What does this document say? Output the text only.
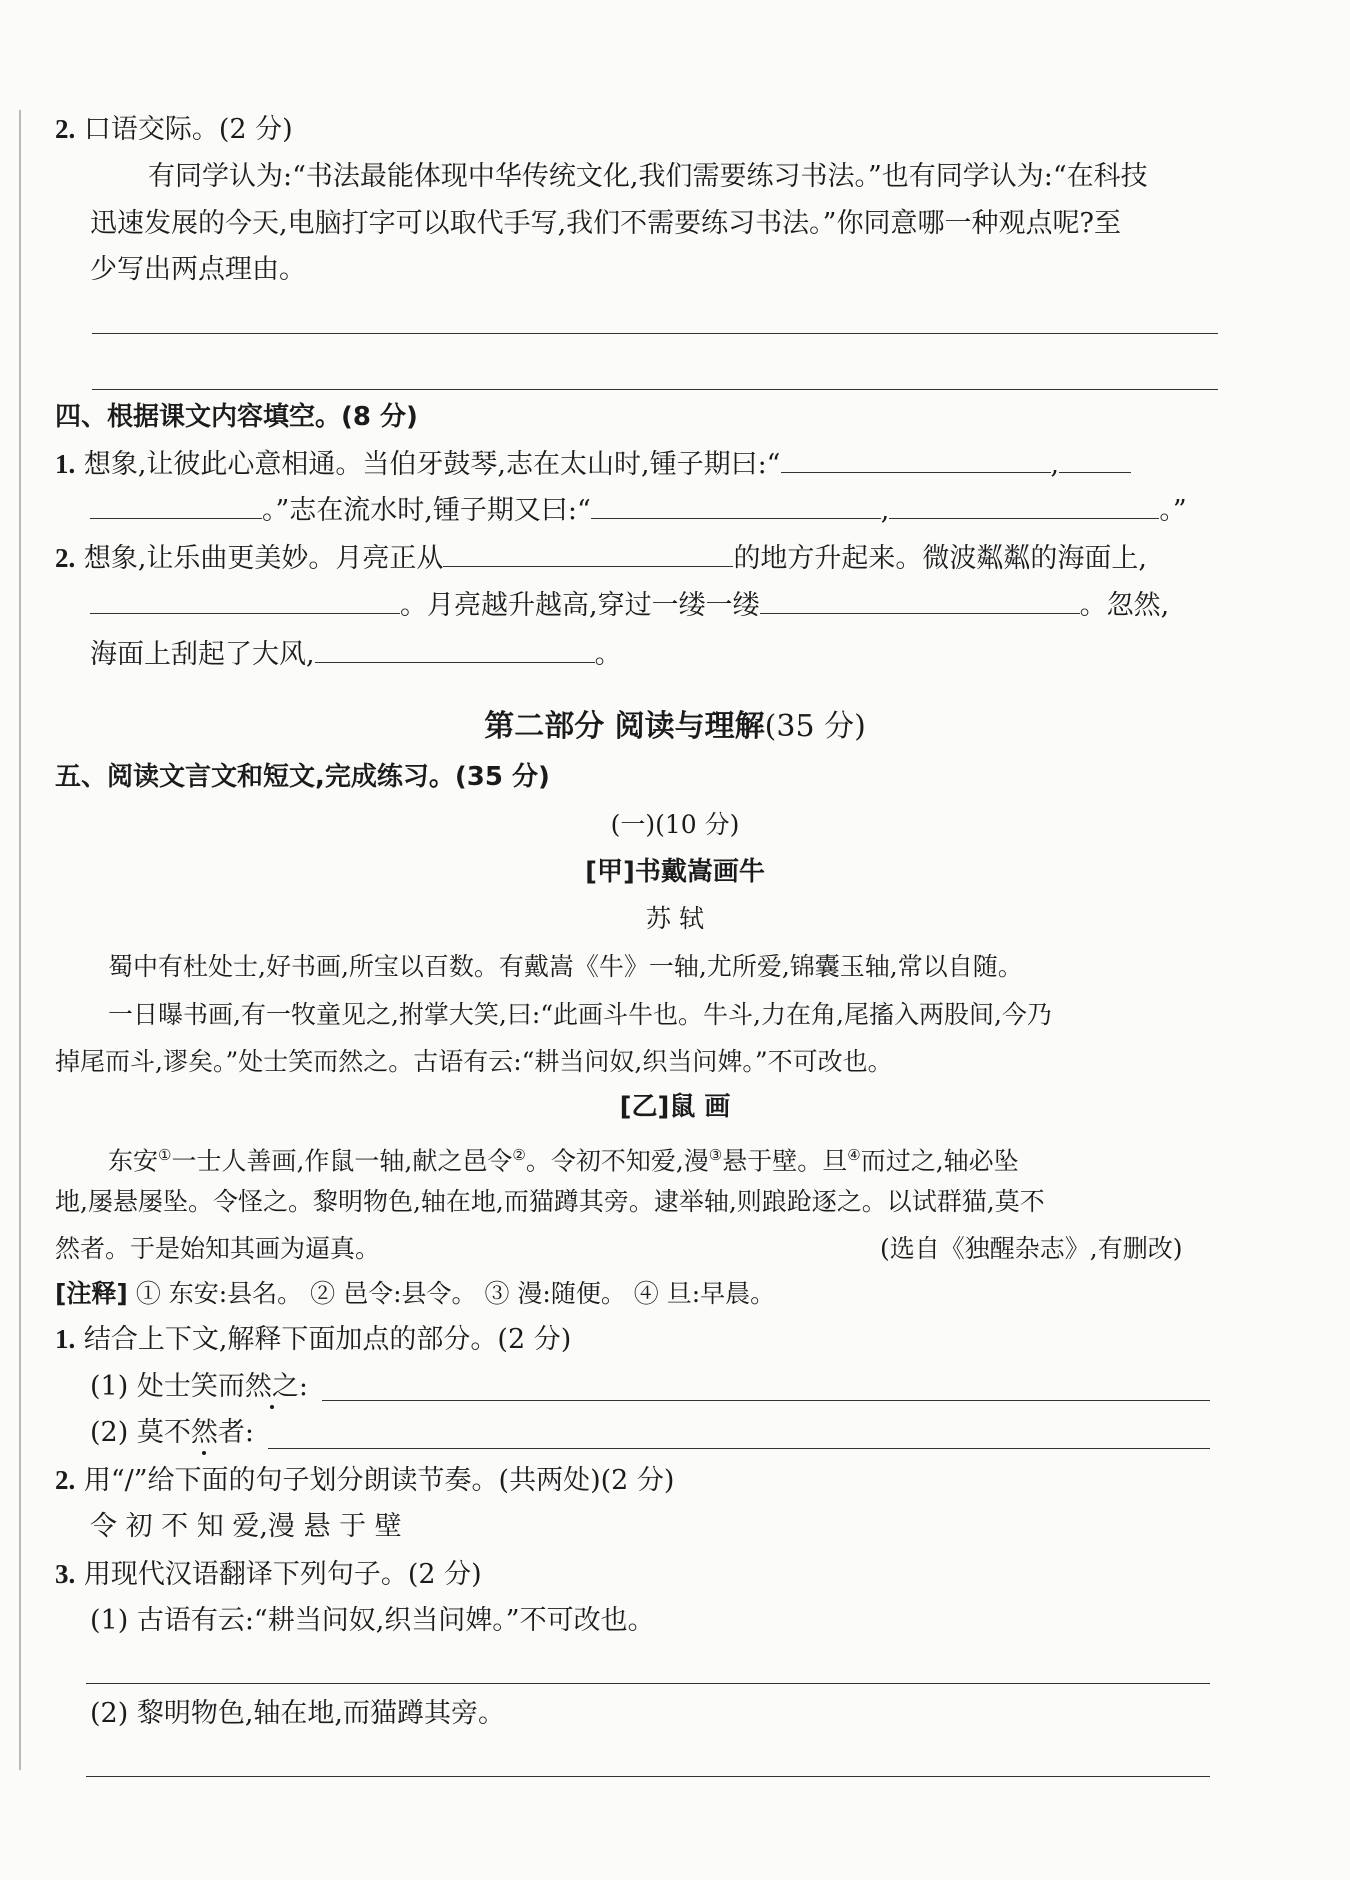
2. 口语交际。(2 分)
有同学认为:“书法最能体现中华传统文化,我们需要练习书法。”也有同学认为:“在科技
迅速发展的今天,电脑打字可以取代手写,我们不需要练习书法。”你同意哪一种观点呢?至
少写出两点理由。
四、根据课文内容填空。(8 分)
1. 想象,让彼此心意相通。当伯牙鼓琴,志在太山时,锺子期曰:“	,
。”志在流水时,锺子期又曰:“	,	。”
2. 想象,让乐曲更美妙。月亮正从	的地方升起来。微波粼粼的海面上,
。月亮越升越高,穿过一缕一缕	。忽然,
海面上刮起了大风,	。
第二部分 阅读与理解(35 分)
五、阅读文言文和短文,完成练习。(35 分)
(一)(10 分)
[甲]书戴嵩画牛
苏 轼
蜀中有杜处士,好书画,所宝以百数。有戴嵩《牛》一轴,尤所爱,锦囊玉轴,常以自随。
一日曝书画,有一牧童见之,拊掌大笑,曰:“此画斗牛也。牛斗,力在角,尾搐入两股间,今乃
掉尾而斗,谬矣。”处士笑而然之。古语有云:“耕当问奴,织当问婢。”不可改也。
[乙]鼠 画
东安①一士人善画,作鼠一轴,献之邑令②。令初不知爱,漫③悬于壁。旦④而过之,轴必坠
地,屡悬屡坠。令怪之。黎明物色,轴在地,而猫蹲其旁。逮举轴,则踉跄逐之。以试群猫,莫不
然者。于是始知其画为逼真。	(选自《独醒杂志》,有删改)
[注释] ① 东安:县名。 ② 邑令:县令。 ③ 漫:随便。 ④ 旦:早晨。
1. 结合上下文,解释下面加点的部分。(2 分)
(1) 处士笑而然之:
(2) 莫不然者:
2. 用“/”给下面的句子划分朗读节奏。(共两处)(2 分)
令 初 不 知 爱,漫 悬 于 壁
3. 用现代汉语翻译下列句子。(2 分)
(1) 古语有云:“耕当问奴,织当问婢。”不可改也。
(2) 黎明物色,轴在地,而猫蹲其旁。
